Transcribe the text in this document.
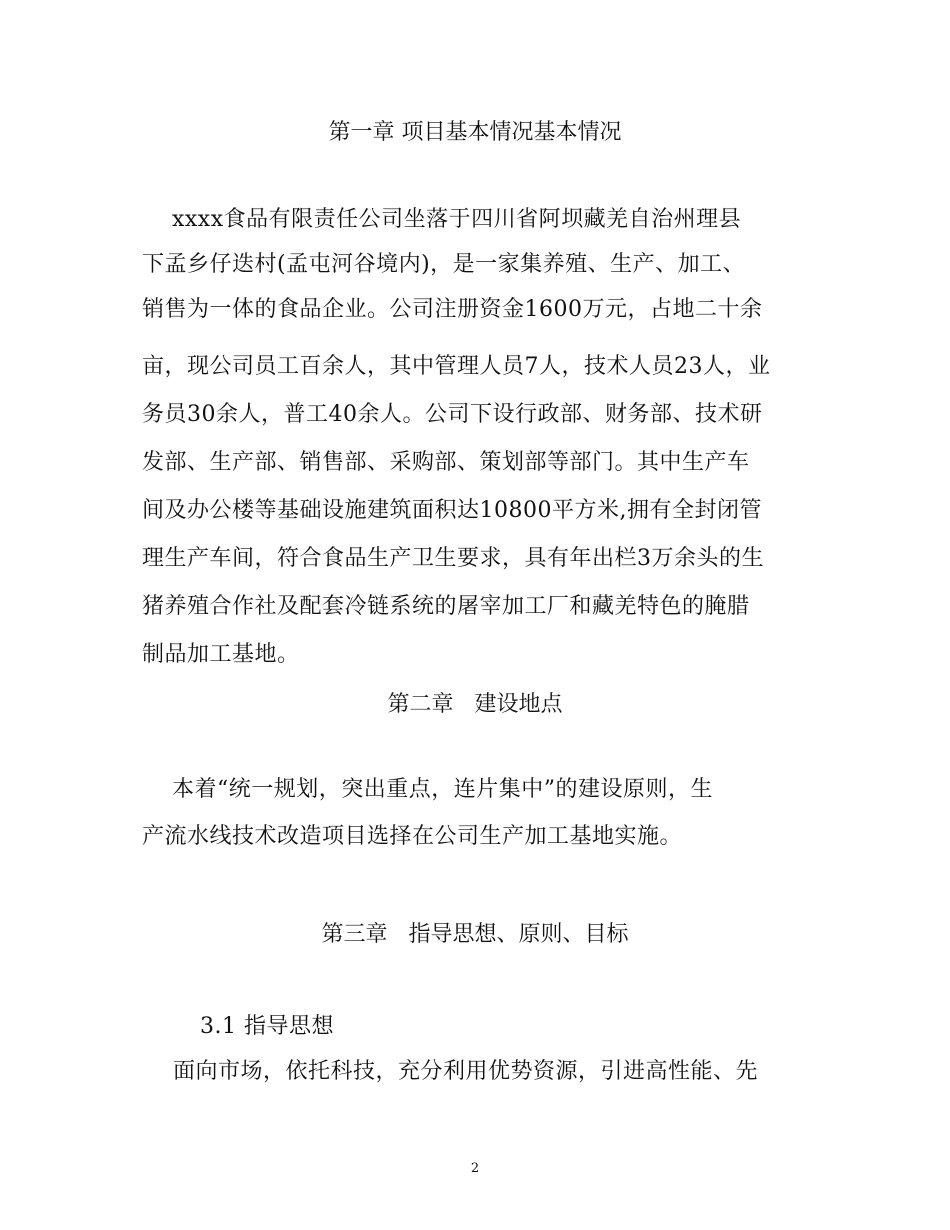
第一章 项目基本情况基本情况
xxxx食品有限责任公司坐落于四川省阿坝藏羌自治州理县
下孟乡仔迭村(孟屯河谷境内)，是一家集养殖、生产、加工、
销售为一体的食品企业。公司注册资金1600万元，占地二十余
亩，现公司员工百余人，其中管理人员7人，技术人员23人，业
务员30余人，普工40余人。公司下设行政部、财务部、技术研
发部、生产部、销售部、采购部、策划部等部门。其中生产车
间及办公楼等基础设施建筑面积达10800平方米,拥有全封闭管
理生产车间，符合食品生产卫生要求，具有年出栏3万余头的生
猪养殖合作社及配套冷链系统的屠宰加工厂和藏羌特色的腌腊
制品加工基地。
第二章   建设地点
本着“统一规划，突出重点，连片集中”的建设原则，生
产流水线技术改造项目选择在公司生产加工基地实施。
第三章   指导思想、原则、目标
3.1 指导思想
面向市场，依托科技，充分利用优势资源，引进高性能、先
2
